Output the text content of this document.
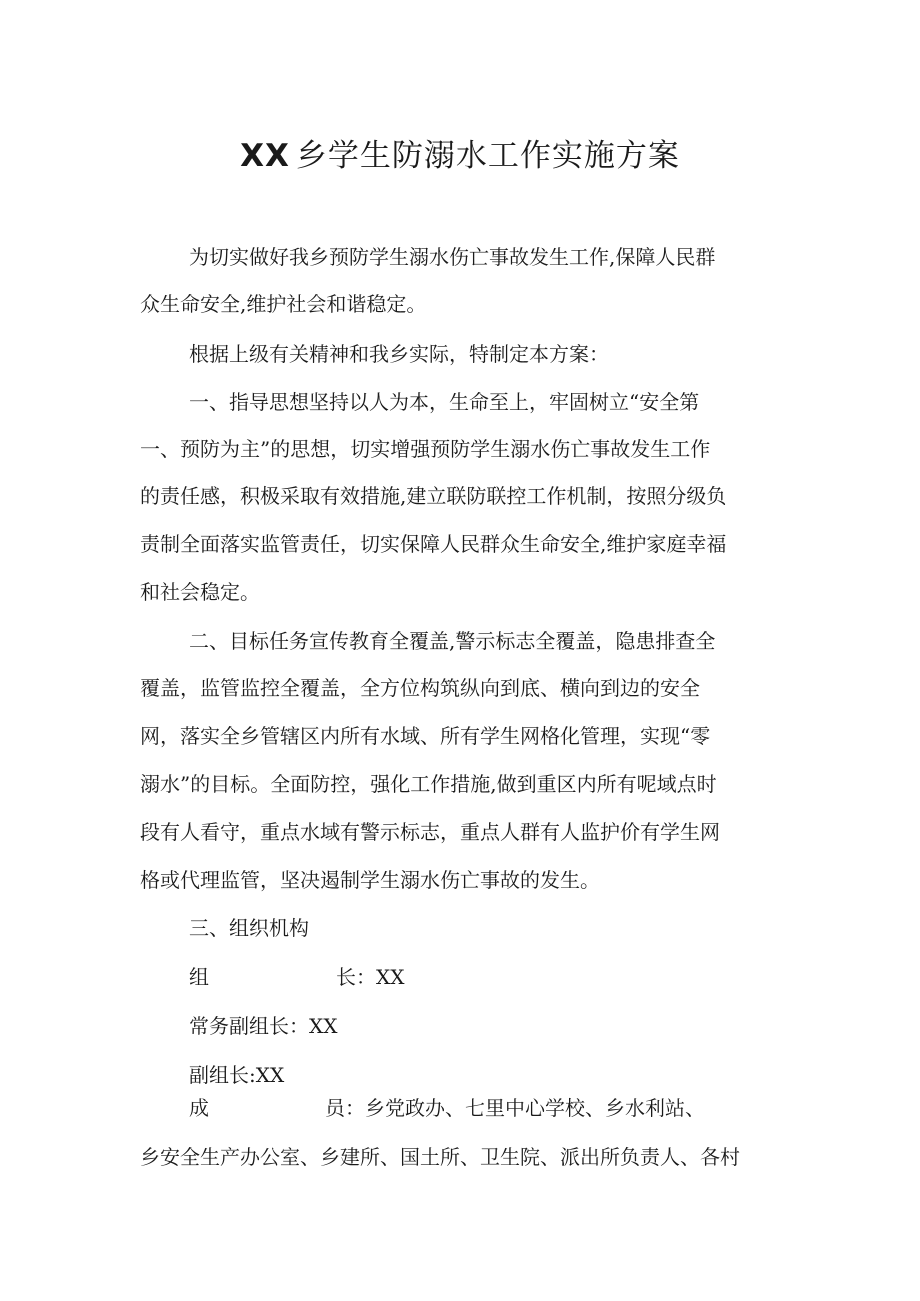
XX 乡学生防溺水工作实施方案
为切实做好我乡预防学生溺水伤亡事故发生工作,保障人民群
众生命安全,维护社会和谐稳定。
根据上级有关精神和我乡实际，特制定本方案：
一、指导思想坚持以人为本，生命至上，牢固树立“安全第
一、预防为主”的思想，切实增强预防学生溺水伤亡事故发生工作
的责任感，积极采取有效措施,建立联防联控工作机制，按照分级负
责制全面落实监管责任，切实保障人民群众生命安全,维护家庭幸福
和社会稳定。
二、目标任务宣传教育全覆盖,警示标志全覆盖，隐患排查全
覆盖，监管监控全覆盖，全方位构筑纵向到底、横向到边的安全
网，落实全乡管辖区内所有水域、所有学生网格化管理，实现“零
溺水”的目标。全面防控，强化工作措施,做到重区内所有呢域点时
段有人看守，重点水域有警示标志，重点人群有人监护价有学生网
格或代理监管，坚决遏制学生溺水伤亡事故的发生。
三、组织机构
组	长：XX
常务副组长：XX
副组长:XX
成	员：乡党政办、七里中心学校、乡水利站、
乡安全生产办公室、乡建所、国土所、卫生院、派出所负责人、各村
